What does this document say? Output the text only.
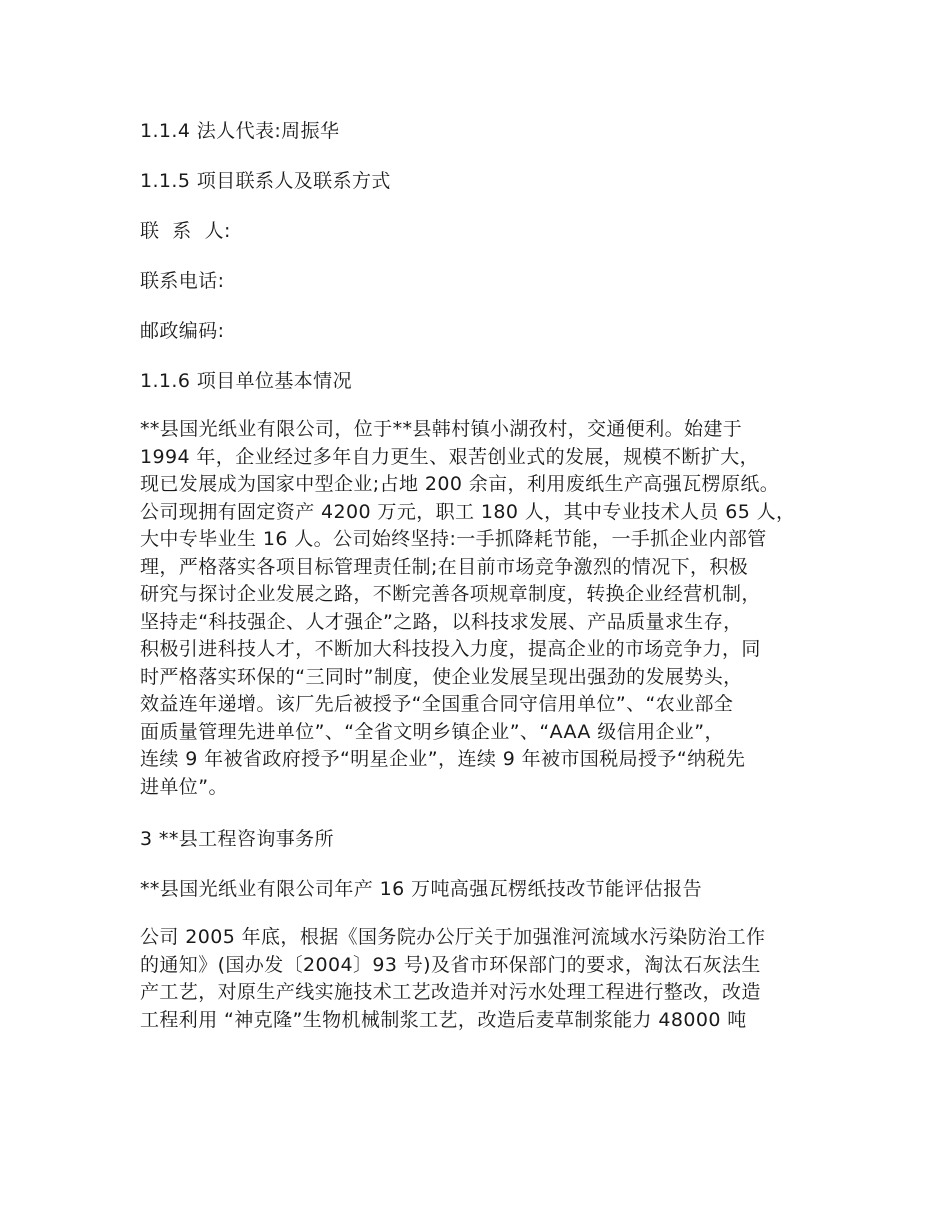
1.1.4 法人代表:周振华

1.1.5 项目联系人及联系方式

联  系  人:

联系电话:

邮政编码:

1.1.6 项目单位基本情况

**县国光纸业有限公司，位于**县韩村镇小湖孜村，交通便利。始建于
1994 年，企业经过多年自力更生、艰苦创业式的发展，规模不断扩大，
现已发展成为国家中型企业;占地 200 余亩，利用废纸生产高强瓦楞原纸。
公司现拥有固定资产 4200 万元，职工 180 人，其中专业技术人员 65 人，
大中专毕业生 16 人。公司始终坚持:一手抓降耗节能，一手抓企业内部管
理，严格落实各项目标管理责任制;在目前市场竞争激烈的情况下，积极
研究与探讨企业发展之路，不断完善各项规章制度，转换企业经营机制，
坚持走“科技强企、人才强企”之路，以科技求发展、产品质量求生存，
积极引进科技人才，不断加大科技投入力度，提高企业的市场竞争力，同
时严格落实环保的“三同时”制度，使企业发展呈现出强劲的发展势头，
效益连年递增。该厂先后被授予“全国重合同守信用单位”、“农业部全
面质量管理先进单位”、“全省文明乡镇企业”、“AAA 级信用企业”，
连续 9 年被省政府授予“明星企业”，连续 9 年被市国税局授予“纳税先
进单位”。

3 **县工程咨询事务所

**县国光纸业有限公司年产 16 万吨高强瓦楞纸技改节能评估报告

公司 2005 年底，根据《国务院办公厅关于加强淮河流域水污染防治工作
的通知》(国办发〔2004〕93 号)及省市环保部门的要求，淘汰石灰法生
产工艺，对原生产线实施技术工艺改造并对污水处理工程进行整改，改造
工程利用 “神克隆”生物机械制浆工艺，改造后麦草制浆能力 48000 吨
